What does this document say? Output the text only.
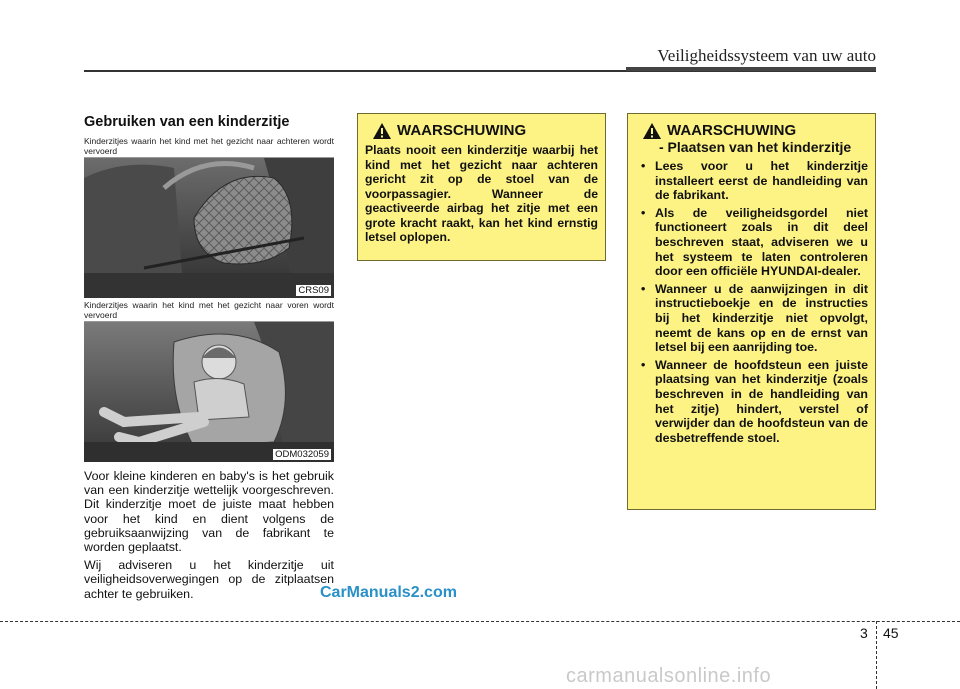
Veiligheidssysteem van uw auto
Gebruiken van een kinderzitje
Kinderzitjes waarin het kind met het gezicht naar achteren wordt vervoerd
CRS09
Kinderzitjes waarin het kind met het gezicht naar voren wordt vervoerd
ODM032059

Voor kleine kinderen en baby's is het gebruik van een kinderzitje wettelijk voorgeschreven. Dit kinderzitje moet de juiste maat hebben voor het kind en dient volgens de gebruiksaanwijzing van de fabrikant te worden geplaatst.

Wij adviseren u het kinderzitje uit veiligheidsoverwegingen op de zitplaatsen achter te gebruiken.

WAARSCHUWING
Plaats nooit een kinderzitje waarbij het kind met het gezicht naar achteren gericht zit op de stoel van de voorpassagier. Wanneer de geactiveerde airbag het zitje met een grote kracht raakt, kan het kind ernstig letsel oplopen.
WAARSCHUWING
- Plaatsen van het kinderzitje
• Lees voor u het kinderzitje installeert eerst de handleiding van de fabrikant.
• Als de veiligheidsgordel niet functioneert zoals in dit deel beschreven staat, adviseren we u het systeem te laten controleren door een officiële HYUNDAI-dealer.
• Wanneer u de aanwijzingen in dit instructieboekje en de instructies bij het kinderzitje niet opvolgt, neemt de kans op en de ernst van letsel bij een aanrijding toe.
• Wanneer de hoofdsteun een juiste plaatsing van het kinderzitje (zoals beschreven in de handleiding van het zitje) hindert, verstel of verwijder dan de hoofdsteun van de desbetreffende stoel.
CarManuals2.com
3 45
carmanualsonline.info
